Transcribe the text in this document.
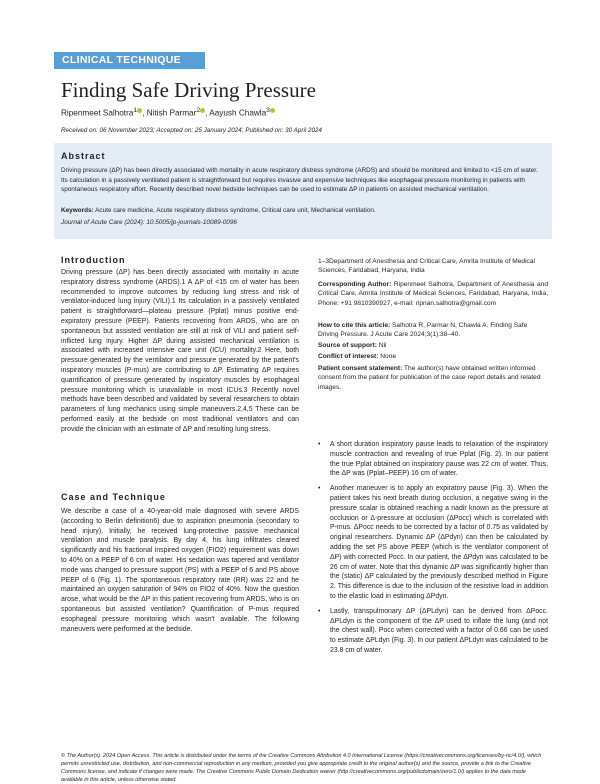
CLINICAL TECHNIQUE
Finding Safe Driving Pressure
Ripenmeet Salhotra$^1$ , Nitish Parmar$^2$ , Aayush Chawla$^3$
Received on: 06 November 2023; Accepted on: 25 January 2024; Published on: 30 April 2024
Abstract
Driving pressure (ΔP) has been directly associated with mortality in acute respiratory distress syndrome (ARDS) and should be monitored and limited to <15 cm of water. Its calculation in a passively ventilated patient is straightforward but requires invasive and expensive techniques like esophageal pressure monitoring in patients with spontaneous respiratory effort. Recently described novel bedside techniques can be used to estimate ΔP in patients on assisted mechanical ventilation.
Keywords: Acute care medicine, Acute respiratory distress syndrome, Critical care unit, Mechanical ventilation.
Journal of Acute Care (2024): 10.5005/jp-journals-10089-0096
Introduction
Driving pressure (ΔP) has been directly associated with mortality in acute respiratory distress syndrome (ARDS).1 A ΔP of <15 cm of water has been recommended to improve outcomes by reducing lung stress and risk of ventilator-induced lung injury (VILI).1 Its calculation in a passively ventilated patient is straightforward—plateau pressure (Pplat) minus positive end-expiratory pressure (PEEP). Patients recovering from ARDS, who are on spontaneous but assisted ventilation are still at risk of VILI and patient self-inflicted lung injury. Higher ΔP during assisted mechanical ventilation is associated with increased intensive care unit (ICU) mortality.2 Here, both pressure generated by the ventilator and pressure generated by the patient's inspiratory muscles (P-mus) are contributing to ΔP. Estimating ΔP requires quantification of pressure generated by inspiratory muscles by esophageal pressure monitoring which is unavailable in most ICUs.3 Recently novel methods have been described and validated by several researchers to obtain parameters of lung mechanics using simple maneuvers.2,4,5 These can be performed easily at the bedside on most traditional ventilators and can provide the clinician with an estimate of ΔP and resulting lung stress.
Case and Technique
We describe a case of a 40-year-old male diagnosed with severe ARDS (according to Berlin definition6) due to aspiration pneumonia (secondary to head injury). Initially, he received lung-protective passive mechanical ventilation and muscle paralysis. By day 4, his lung infiltrates cleared significantly and his fractional inspired oxygen (FIO2) requirement was down to 40% on a PEEP of 6 cm of water. His sedation was tapered and ventilator mode was changed to pressure support (PS) with a PEEP of 6 and PS above PEEP of 6 (Fig. 1). The spontaneous respiratory rate (RR) was 22 and he maintained an oxygen saturation of 94% on FIO2 of 40%. Now the question arose, what would be the ΔP in this patient recovering from ARDS, who is on spontaneous but assisted ventilation? Quantification of P-mus required esophageal pressure monitoring which wasn't available. The following maneuvers were performed at the bedside.
1–3Department of Anesthesia and Critical Care, Amrita Institute of Medical Sciences, Faridabad, Haryana, India
Corresponding Author: Ripenmeet Salhotra, Department of Anesthesia and Critical Care, Amrita Institute of Medical Sciences, Faridabad, Haryana, India, Phone: +91 9810390927, e-mail: ripnan.salhotra@gmail.com
How to cite this article: Salhotra R, Parmar N, Chawla A. Finding Safe Driving Pressure. J Acute Care 2024;3(1):38–40.
Source of support: Nil
Conflict of interest: None
Patient consent statement: The author(s) have obtained written informed consent from the patient for publication of the case report details and related images.
• A short duration inspiratory pause leads to relaxation of the inspiratory muscle contraction and revealing of true Pplat (Fig. 2). In our patient the true Pplat obtained on inspiratory pause was 22 cm of water. Thus, the ΔP was (Pplat–PEEP) 16 cm of water.
• Another maneuver is to apply an expiratory pause (Fig. 3). When the patient takes his next breath during occlusion, a negative swing in the pressure scalar is obtained reaching a nadir known as the pressure at occlusion or Δ-pressure at occlusion (ΔPocc) which is correlated with P-mus. ΔPocc needs to be corrected by a factor of 0.75 as validated by original researchers. Dynamic ΔP (ΔPdyn) can then be calculated by adding the set PS above PEEP (which is the ventilator component of ΔP) with corrected Pocc. In our patient, the ΔPdyn was calculated to be 26 cm of water. Note that this dynamic ΔP was significantly higher than the (static) ΔP calculated by the previously described method in Figure 2. This difference is due to the inclusion of the resistive load in addition to the elastic load in estimating ΔPdyn.
• Lastly, transpulmonary ΔP (ΔPLdyn) can be derived from ΔPocc. ΔPLdyn is the component of the ΔP used to inflate the lung (and not the chest wall). Pocc when corrected with a factor of 0.66 can be used to estimate ΔPLdyn (Fig. 3). In our patient ΔPLdyn was calculated to be 23.8 cm of water.
© The Author(s). 2024 Open Access. This article is distributed under the terms of the Creative Commons Attribution 4.0 International License (https://creativecommons.org/licenses/by-nc/4.0/), which permits unrestricted use, distribution, and non-commercial reproduction in any medium, provided you give appropriate credit to the original author(s) and the source, provide a link to the Creative Commons license, and indicate if changes were made. The Creative Commons Public Domain Dedication waiver (http://creativecommons.org/publicdomain/zero/1.0/) applies to the data made available in this article, unless otherwise stated.
